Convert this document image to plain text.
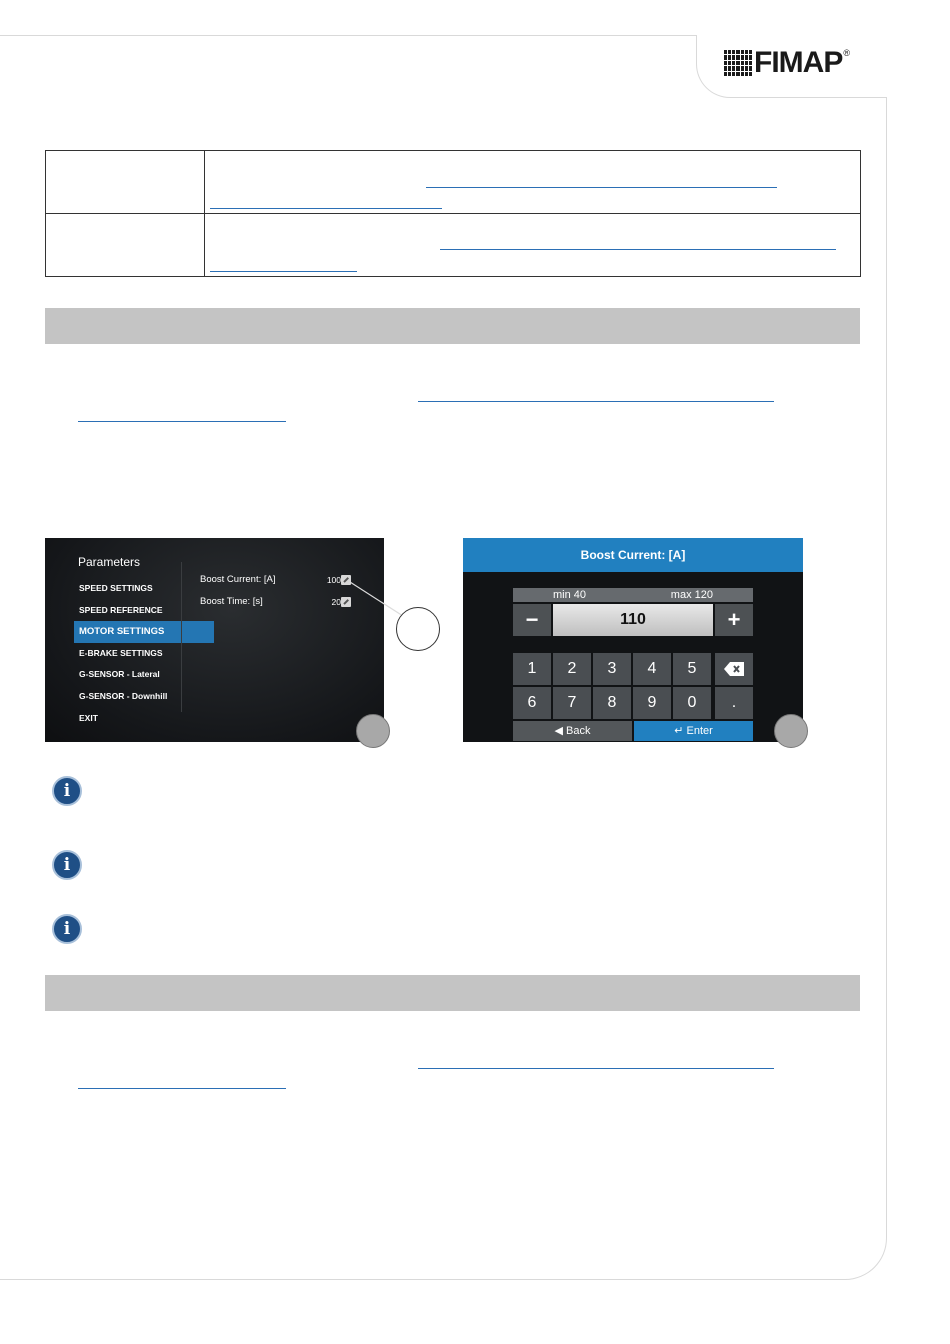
FIMAP ®

Parameters
SPEED SETTINGS
SPEED REFERENCE
MOTOR SETTINGS
E-BRAKE SETTINGS
G-SENSOR - Lateral
G-SENSOR - Downhill
EXIT
Boost Current: [A]	100
Boost Time: [s]	20
Boost Current: [A]
min 40	max 120
−	110	+
1	2	3	4	5
6	7	8	9	0	.
◀ Back	↵ Enter
i
i
i
